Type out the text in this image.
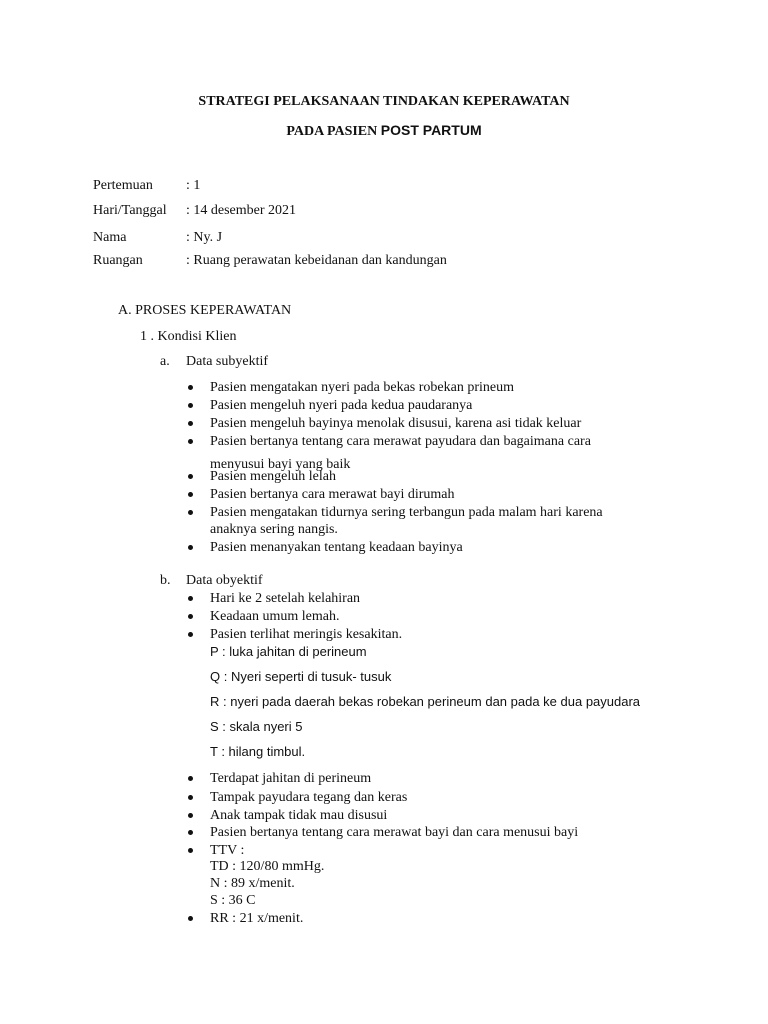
STRATEGI PELAKSANAAN TINDAKAN KEPERAWATAN
PADA PASIEN POST PARTUM
Pertemuan : 1
Hari/Tanggal : 14 desember 2021
Nama	: Ny. J
Ruangan	: Ruang perawatan kebeidanan dan kandungan
A. PROSES KEPERAWATAN
1 . Kondisi Klien
a. Data subyektif
Pasien mengatakan nyeri pada bekas robekan prineum
Pasien mengeluh nyeri pada kedua paudaranya
Pasien mengeluh bayinya menolak disusui, karena asi tidak keluar
Pasien bertanya tentang cara merawat payudara dan bagaimana cara
menyusui bayi yang baik
Pasien mengeluh lelah
Pasien bertanya cara merawat bayi dirumah
Pasien mengatakan tidurnya sering terbangun pada malam hari karena
anaknya sering nangis.
Pasien menanyakan tentang keadaan bayinya
b. Data obyektif
Hari ke 2 setelah kelahiran
Keadaan umum lemah.
Pasien terlihat meringis kesakitan.
P : luka jahitan di perineum
Q : Nyeri seperti di tusuk- tusuk
R : nyeri pada daerah bekas robekan perineum dan pada ke dua payudara
S : skala nyeri 5
T : hilang timbul.
Terdapat jahitan di perineum
Tampak payudara tegang dan keras
Anak tampak tidak mau disusui
Pasien bertanya tentang cara merawat bayi dan cara menusui bayi
TTV :
TD : 120/80 mmHg.
N : 89 x/menit.
S : 36 C
RR : 21 x/menit.
